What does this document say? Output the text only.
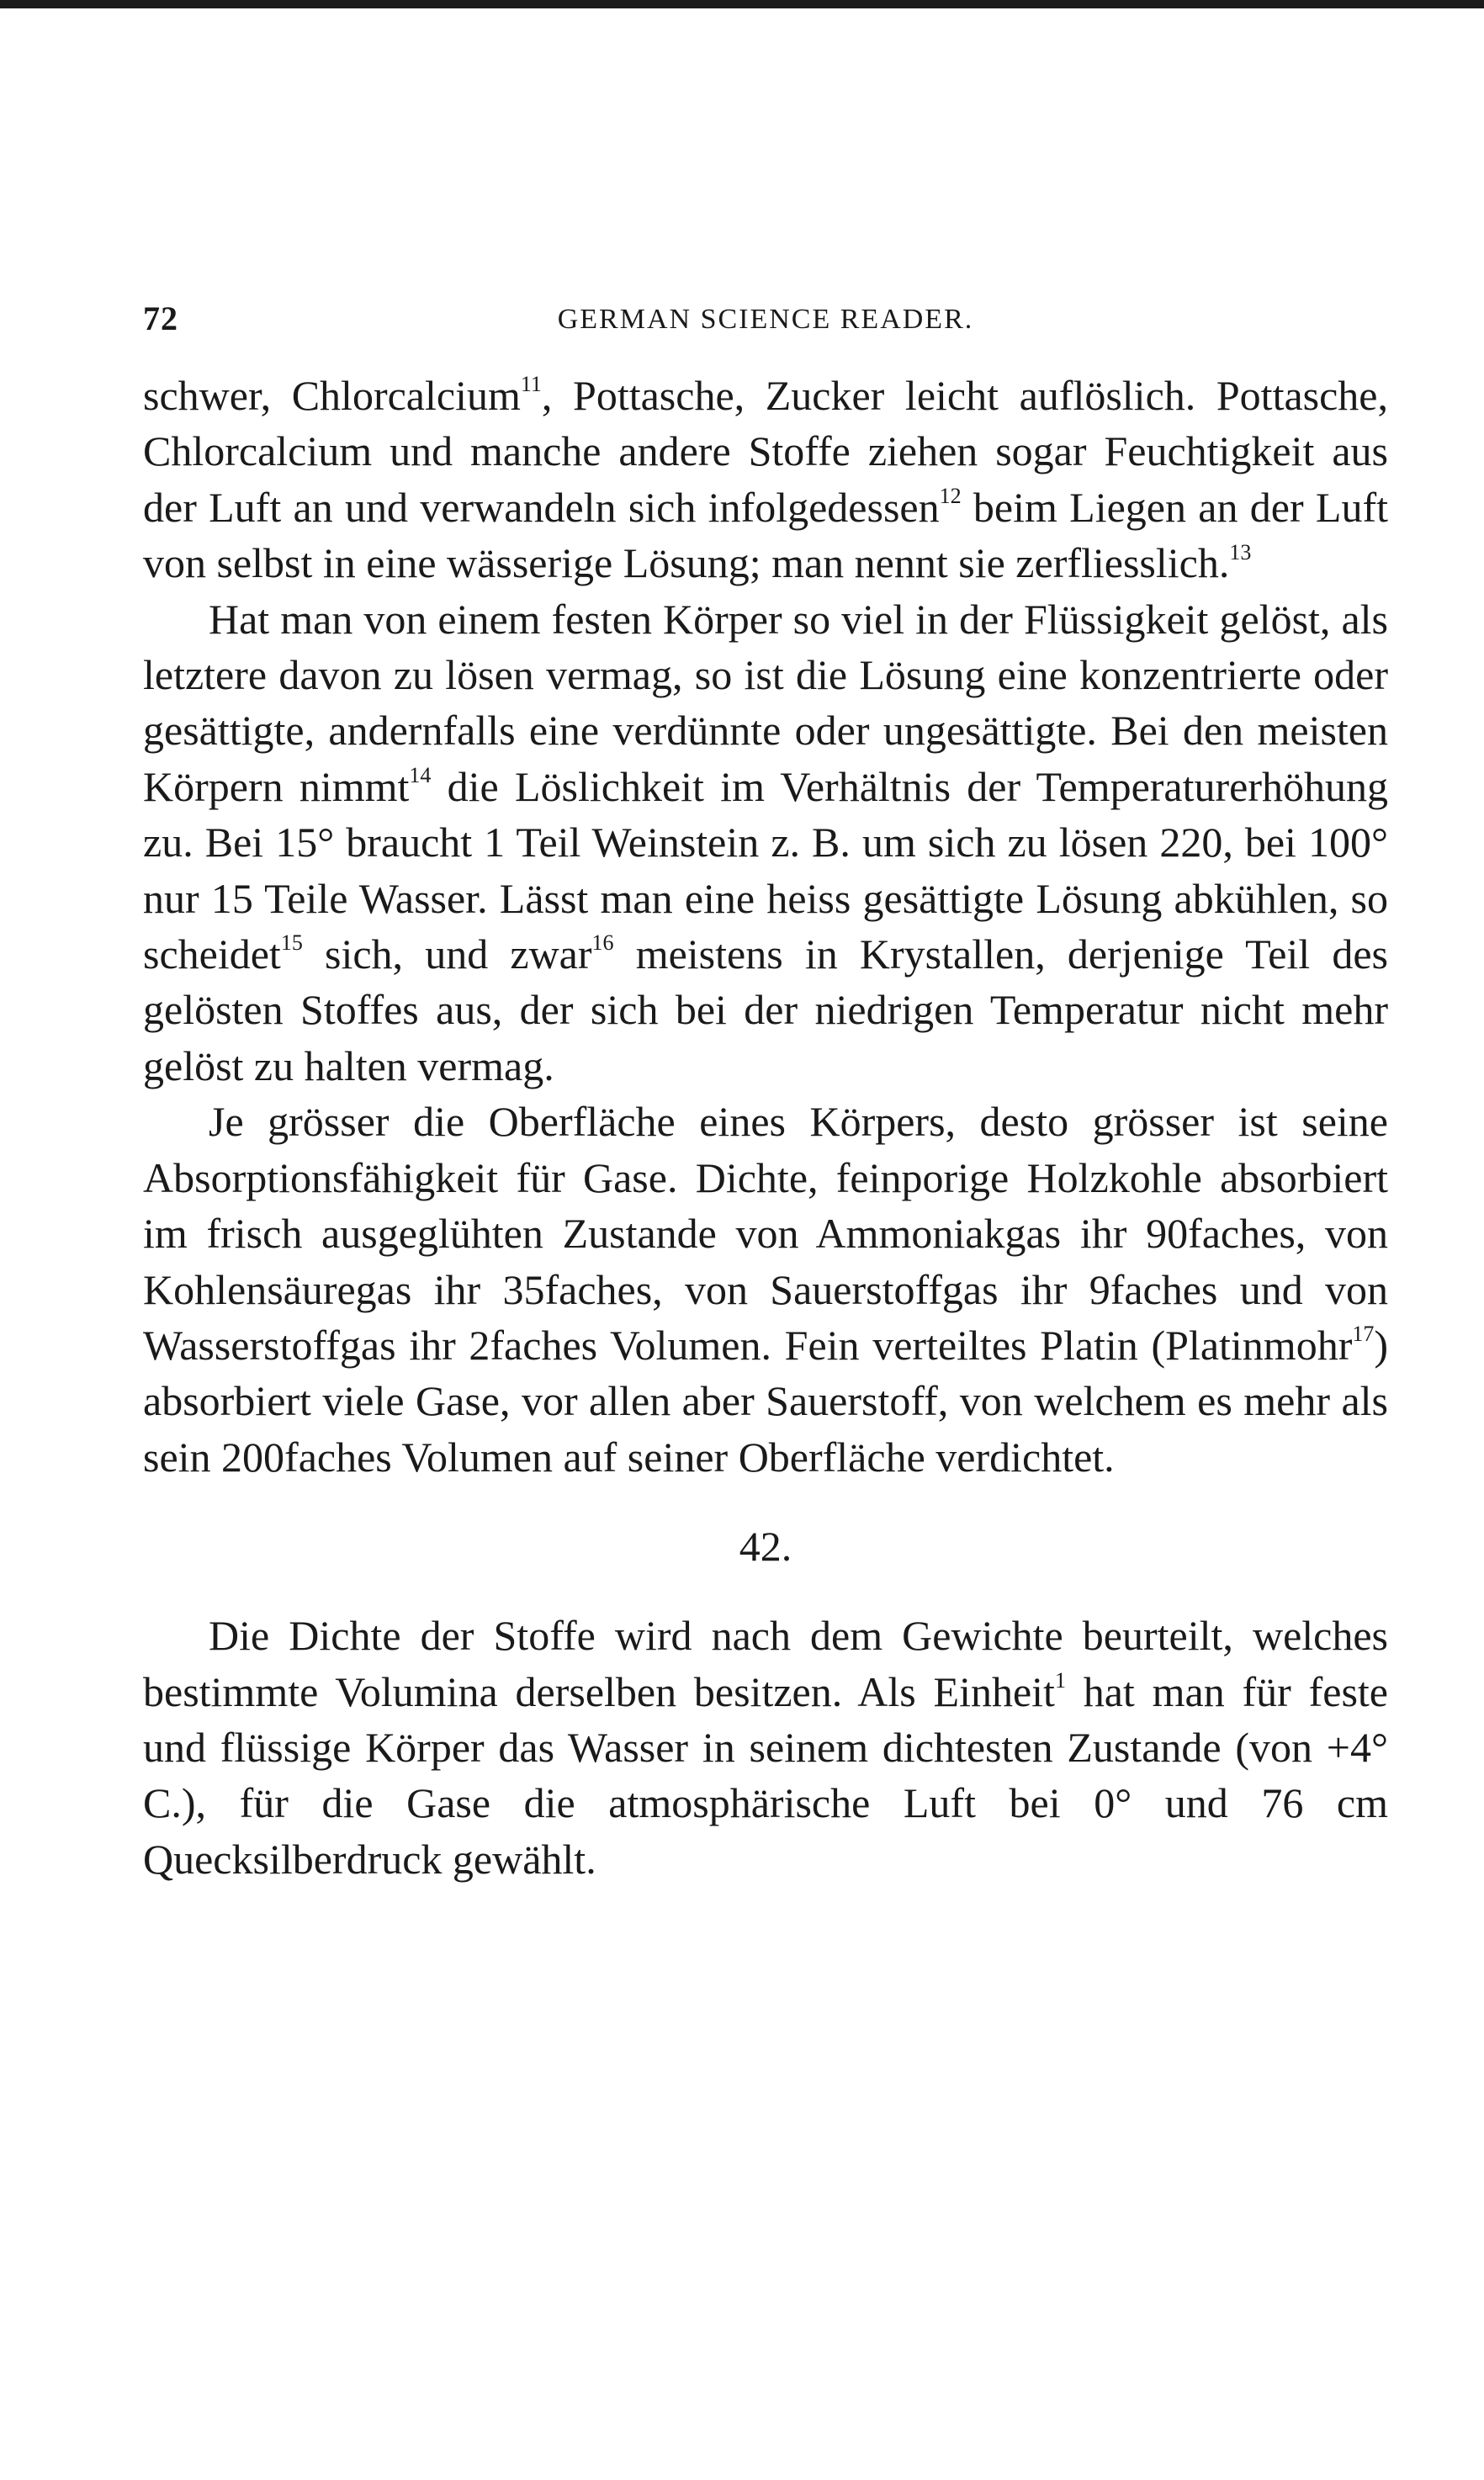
72	GERMAN SCIENCE READER.

schwer, Chlorcalcium$^{11}$, Pottasche, Zucker leicht auflöslich. Pottasche, Chlorcalcium und manche andere Stoffe ziehen sogar Feuchtigkeit aus der Luft an und verwandeln sich infolgedessen$^{12}$ beim Liegen an der Luft von selbst in eine wässerige Lösung; man nennt sie zerfliesslich.$^{13}$

Hat man von einem festen Körper so viel in der Flüssigkeit gelöst, als letztere davon zu lösen vermag, so ist die Lösung eine konzentrierte oder gesättigte, andernfalls eine verdünnte oder ungesättigte. Bei den meisten Körpern nimmt$^{14}$ die Löslichkeit im Verhältnis der Temperaturerhöhung zu. Bei 15° braucht 1 Teil Weinstein z. B. um sich zu lösen 220, bei 100° nur 15 Teile Wasser. Lässt man eine heiss gesättigte Lösung abkühlen, so scheidet$^{15}$ sich, und zwar$^{16}$ meistens in Krystallen, derjenige Teil des gelösten Stoffes aus, der sich bei der niedrigen Temperatur nicht mehr gelöst zu halten vermag.

Je grösser die Oberfläche eines Körpers, desto grösser ist seine Absorptionsfähigkeit für Gase. Dichte, feinporige Holzkohle absorbiert im frisch ausgeglühten Zustande von Ammoniakgas ihr 90faches, von Kohlensäuregas ihr 35faches, von Sauerstoffgas ihr 9faches und von Wasserstoffgas ihr 2faches Volumen. Fein verteiltes Platin (Platinmohr$^{17}$) absorbiert viele Gase, vor allen aber Sauerstoff, von welchem es mehr als sein 200faches Volumen auf seiner Oberfläche verdichtet.

42.

Die Dichte der Stoffe wird nach dem Gewichte beurteilt, welches bestimmte Volumina derselben besitzen. Als Einheit$^1$ hat man für feste und flüssige Körper das Wasser in seinem dichtesten Zustande (von +4° C.), für die Gase die atmosphärische Luft bei 0° und 76 cm Quecksilberdruck gewählt.
